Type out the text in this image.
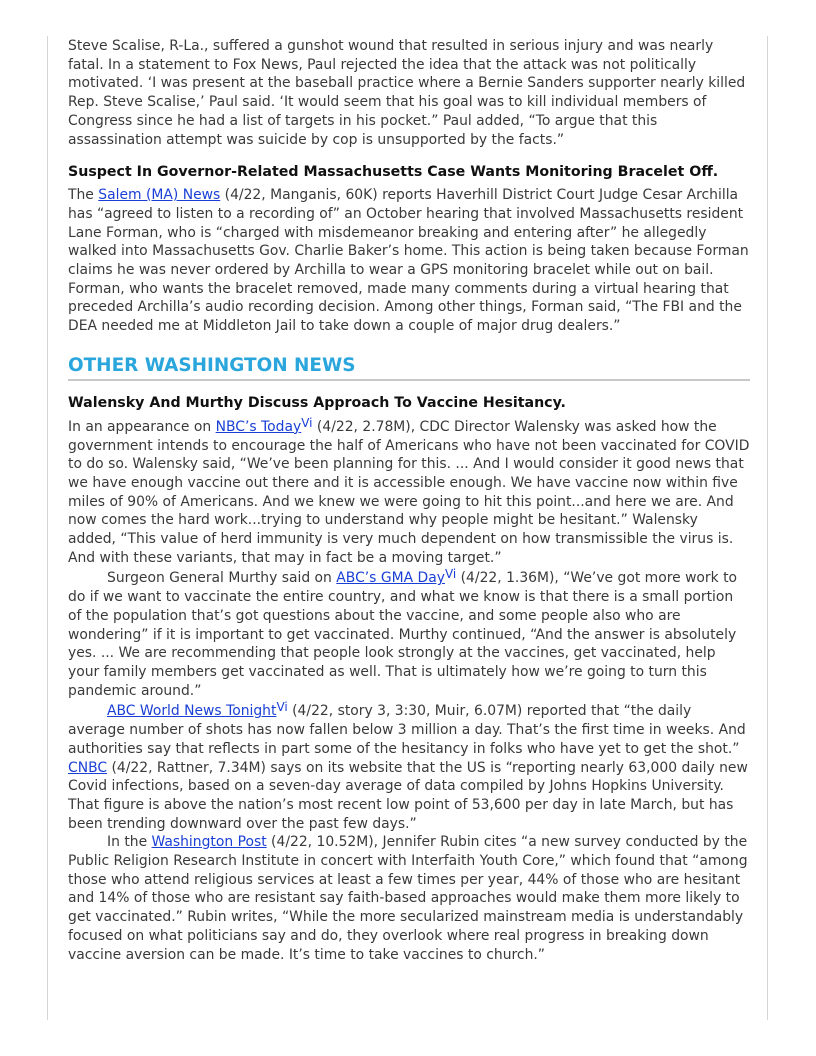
Steve Scalise, R-La., suffered a gunshot wound that resulted in serious injury and was nearly fatal. In a statement to Fox News, Paul rejected the idea that the attack was not politically motivated. ‘I was present at the baseball practice where a Bernie Sanders supporter nearly killed Rep. Steve Scalise,’ Paul said. ‘It would seem that his goal was to kill individual members of Congress since he had a list of targets in his pocket.” Paul added, “To argue that this assassination attempt was suicide by cop is unsupported by the facts.”

Suspect In Governor-Related Massachusetts Case Wants Monitoring Bracelet Off.

The Salem (MA) News (4/22, Manganis, 60K) reports Haverhill District Court Judge Cesar Archilla has “agreed to listen to a recording of” an October hearing that involved Massachusetts resident Lane Forman, who is “charged with misdemeanor breaking and entering after” he allegedly walked into Massachusetts Gov. Charlie Baker’s home. This action is being taken because Forman claims he was never ordered by Archilla to wear a GPS monitoring bracelet while out on bail. Forman, who wants the bracelet removed, made many comments during a virtual hearing that preceded Archilla’s audio recording decision. Among other things, Forman said, “The FBI and the DEA needed me at Middleton Jail to take down a couple of major drug dealers.”

OTHER WASHINGTON NEWS
Walensky And Murthy Discuss Approach To Vaccine Hesitancy.

In an appearance on NBC’s Today$^{Vi}$ (4/22, 2.78M), CDC Director Walensky was asked how the government intends to encourage the half of Americans who have not been vaccinated for COVID to do so. Walensky said, “We’ve been planning for this. ... And I would consider it good news that we have enough vaccine out there and it is accessible enough. We have vaccine now within five miles of 90% of Americans. And we knew we were going to hit this point...and here we are. And now comes the hard work...trying to understand why people might be hesitant.” Walensky added, “This value of herd immunity is very much dependent on how transmissible the virus is. And with these variants, that may in fact be a moving target.”

Surgeon General Murthy said on ABC’s GMA Day$^{Vi}$ (4/22, 1.36M), “We’ve got more work to do if we want to vaccinate the entire country, and what we know is that there is a small portion of the population that’s got questions about the vaccine, and some people also who are wondering” if it is important to get vaccinated. Murthy continued, “And the answer is absolutely yes. ... We are recommending that people look strongly at the vaccines, get vaccinated, help your family members get vaccinated as well. That is ultimately how we’re going to turn this pandemic around.”

ABC World News Tonight$^{Vi}$ (4/22, story 3, 3:30, Muir, 6.07M) reported that “the daily average number of shots has now fallen below 3 million a day. That’s the first time in weeks. And authorities say that reflects in part some of the hesitancy in folks who have yet to get the shot.” CNBC (4/22, Rattner, 7.34M) says on its website that the US is “reporting nearly 63,000 daily new Covid infections, based on a seven-day average of data compiled by Johns Hopkins University. That figure is above the nation’s most recent low point of 53,600 per day in late March, but has been trending downward over the past few days.”

In the Washington Post (4/22, 10.52M), Jennifer Rubin cites “a new survey conducted by the Public Religion Research Institute in concert with Interfaith Youth Core,” which found that “among those who attend religious services at least a few times per year, 44% of those who are hesitant and 14% of those who are resistant say faith-based approaches would make them more likely to get vaccinated.” Rubin writes, “While the more secularized mainstream media is understandably focused on what politicians say and do, they overlook where real progress in breaking down vaccine aversion can be made. It’s time to take vaccines to church.”
